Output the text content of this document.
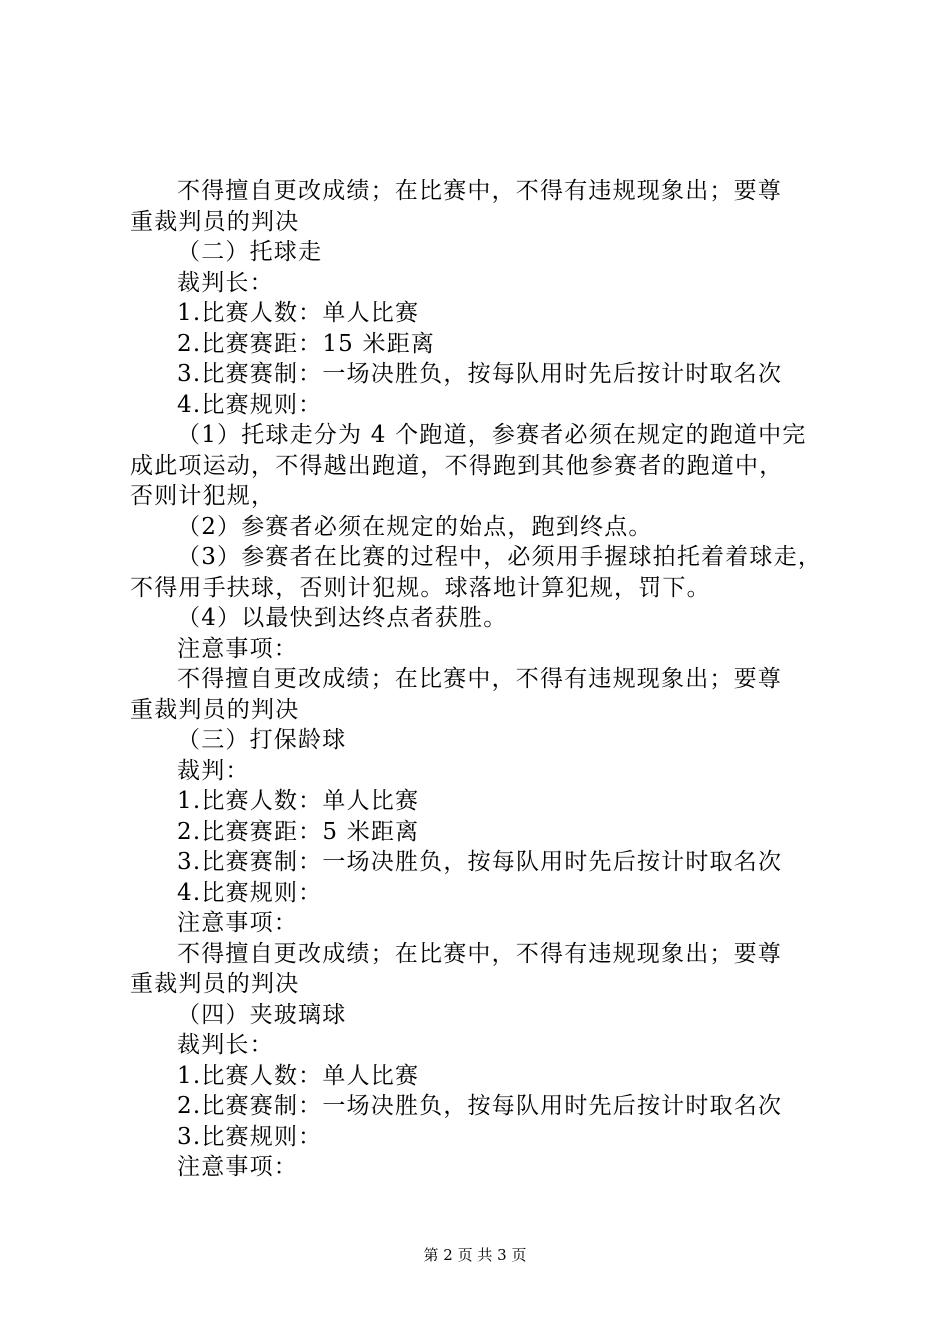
不得擅自更改成绩；在比赛中，不得有违规现象出；要尊
重裁判员的判决
（二）托球走
裁判长：
1.比赛人数：单人比赛
2.比赛赛距：15 米距离
3.比赛赛制：一场决胜负，按每队用时先后按计时取名次
4.比赛规则：
（1）托球走分为 4 个跑道，参赛者必须在规定的跑道中完
成此项运动，不得越出跑道，不得跑到其他参赛者的跑道中，
否则计犯规，
（2）参赛者必须在规定的始点，跑到终点。
（3）参赛者在比赛的过程中，必须用手握球拍托着着球走，
不得用手扶球，否则计犯规。球落地计算犯规，罚下。
（4）以最快到达终点者获胜。
注意事项：
不得擅自更改成绩；在比赛中，不得有违规现象出；要尊
重裁判员的判决
（三）打保龄球
裁判：
1.比赛人数：单人比赛
2.比赛赛距：5 米距离
3.比赛赛制：一场决胜负，按每队用时先后按计时取名次
4.比赛规则：
注意事项：
不得擅自更改成绩；在比赛中，不得有违规现象出；要尊
重裁判员的判决
（四）夹玻璃球
裁判长：
1.比赛人数：单人比赛
2.比赛赛制：一场决胜负，按每队用时先后按计时取名次
3.比赛规则：
注意事项：
第 2 页 共 3 页
